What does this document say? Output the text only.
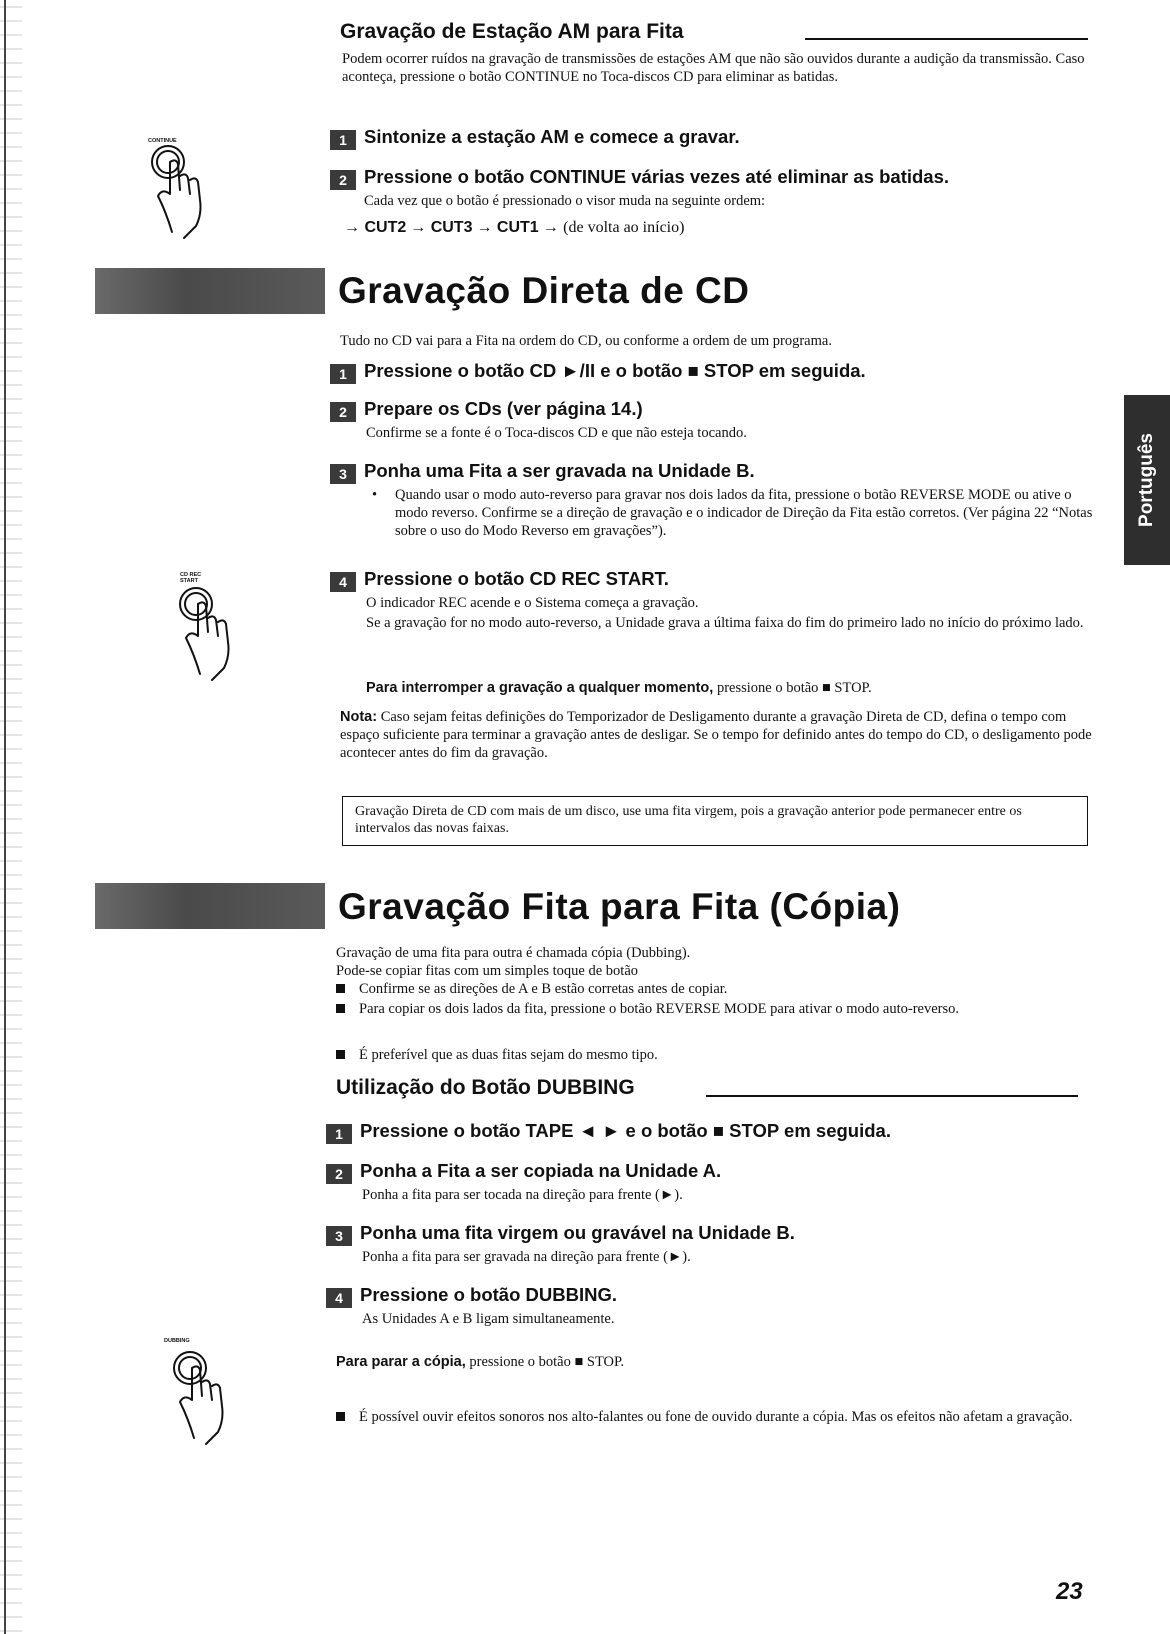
Gravação de Estação AM para Fita
Podem ocorrer ruídos na gravação de transmissões de estações AM que não são ouvidos durante a audição da transmissão. Caso aconteça, pressione o botão CONTINUE no Toca-discos CD para eliminar as batidas.
CONTINUE	1 Sintonize a estação AM e comece a gravar.
2 Pressione o botão CONTINUE várias vezes até eliminar as batidas.
Cada vez que o botão é pressionado o visor muda na seguinte ordem:
→ CUT2 → CUT3 → CUT1 → (de volta ao início)
Gravação Direta de CD
Tudo no CD vai para a Fita na ordem do CD, ou conforme a ordem de um programa.
1 Pressione o botão CD ►/II e o botão ■ STOP em seguida.
2 Prepare os CDs (ver página 14.)
Confirme se a fonte é o Toca-discos CD e que não esteja tocando.
3 Ponha uma Fita a ser gravada na Unidade B.
• Quando usar o modo auto-reverso para gravar nos dois lados da fita, pressione o botão REVERSE MODE ou ative o modo reverso. Confirme se a direção de gravação e o indicador de Direção da Fita estão corretos. (Ver página 22 “Notas sobre o uso do Modo Reverso em gravações”).
CD REC START	4 Pressione o botão CD REC START.
O indicador REC acende e o Sistema começa a gravação.
Se a gravação for no modo auto-reverso, a Unidade grava a última faixa do fim do primeiro lado no início do próximo lado.
Para interromper a gravação a qualquer momento, pressione o botão ■ STOP.
Nota: Caso sejam feitas definições do Temporizador de Desligamento durante a gravação Direta de CD, defina o tempo com espaço suficiente para terminar a gravação antes de desligar. Se o tempo for definido antes do tempo do CD, o desligamento pode acontecer antes do fim da gravação.
Gravação Direta de CD com mais de um disco, use uma fita virgem, pois a gravação anterior pode permanecer entre os intervalos das novas faixas.
Gravação Fita para Fita (Cópia)
Gravação de uma fita para outra é chamada cópia (Dubbing).
Pode-se copiar fitas com um simples toque de botão
Confirme se as direções de A e B estão corretas antes de copiar.
Para copiar os dois lados da fita, pressione o botão REVERSE MODE para ativar o modo auto-reverso.
É preferível que as duas fitas sejam do mesmo tipo.
Utilização do Botão DUBBING
1 Pressione o botão TAPE ◄ ► e o botão ■ STOP em seguida.
2 Ponha a Fita a ser copiada na Unidade A.
Ponha a fita para ser tocada na direção para frente (►).
3 Ponha uma fita virgem ou gravável na Unidade B.
Ponha a fita para ser gravada na direção para frente (►).
4 Pressione o botão DUBBING.
As Unidades A e B ligam simultaneamente.
DUBBING
Para parar a cópia, pressione o botão ■ STOP.
É possível ouvir efeitos sonoros nos alto-falantes ou fone de ouvido durante a cópia. Mas os efeitos não afetam a gravação.
Português
23
